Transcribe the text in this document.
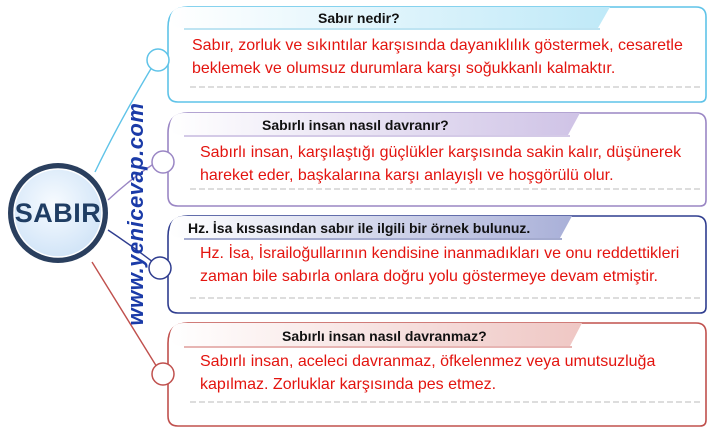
SABIR www.yenicevap.com
Sabır nedir?
Sabır, zorluk ve sıkıntılar karşısında dayanıklılık göstermek, cesaretle
beklemek ve olumsuz durumlara karşı soğukkanlı kalmaktır.
Sabırlı insan nasıl davranır?
Sabırlı insan, karşılaştığı güçlükler karşısında sakin kalır, düşünerek
hareket eder, başkalarına karşı anlayışlı ve hoşgörülü olur.
Hz. İsa kıssasından sabır ile ilgili bir örnek bulunuz.
Hz. İsa, İsrailoğullarının kendisine inanmadıkları ve onu reddettikleri
zaman bile sabırla onlara doğru yolu göstermeye devam etmiştir.
Sabırlı insan nasıl davranmaz?
Sabırlı insan, aceleci davranmaz, öfkelenmez veya umutsuzluğa
kapılmaz. Zorluklar karşısında pes etmez.
